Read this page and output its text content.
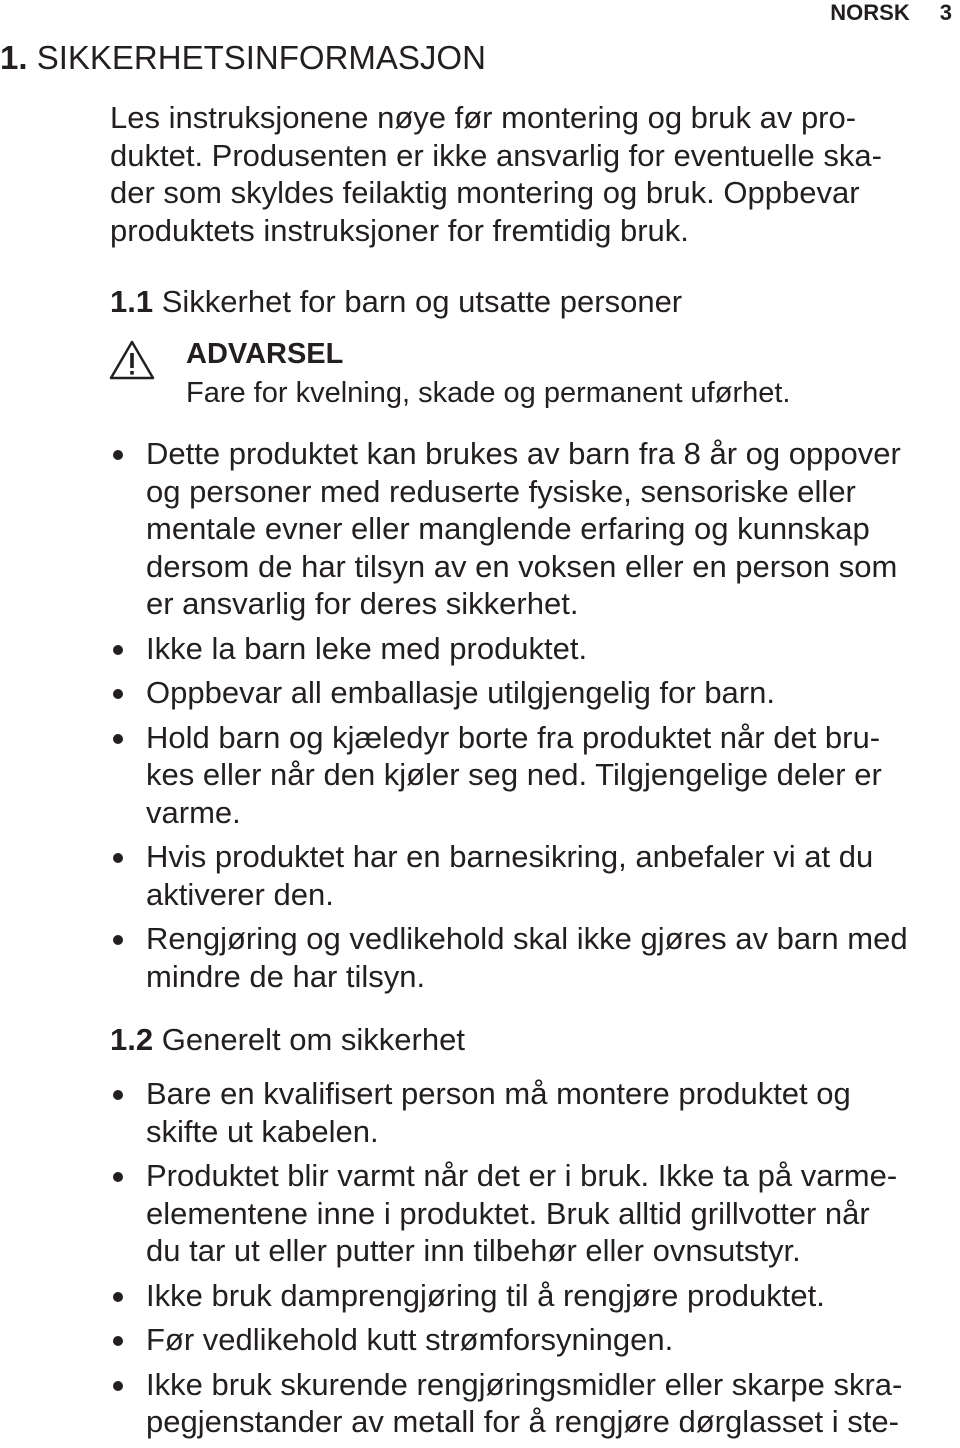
NORSK 3
1. SIKKERHETSINFORMASJON

Les instruksjonene nøye før montering og bruk av pro-

duktet. Produsenten er ikke ansvarlig for eventuelle ska-

der som skyldes feilaktig montering og bruk. Oppbevar

produktets instruksjoner for fremtidig bruk.

1.1 Sikkerhet for barn og utsatte personer
ADVARSEL
Fare for kvelning, skade og permanent uførhet.

Dette produktet kan brukes av barn fra 8 år og oppover

og personer med reduserte fysiske, sensoriske eller

mentale evner eller manglende erfaring og kunnskap

dersom de har tilsyn av en voksen eller en person som

er ansvarlig for deres sikkerhet.

Ikke la barn leke med produktet.

Oppbevar all emballasje utilgjengelig for barn.

Hold barn og kjæledyr borte fra produktet når det bru-

kes eller når den kjøler seg ned. Tilgjengelige deler er

varme.

Hvis produktet har en barnesikring, anbefaler vi at du

aktiverer den.

Rengjøring og vedlikehold skal ikke gjøres av barn med

mindre de har tilsyn.

1.2 Generelt om sikkerhet

Bare en kvalifisert person må montere produktet og

skifte ut kabelen.

Produktet blir varmt når det er i bruk. Ikke ta på varme-

elementene inne i produktet. Bruk alltid grillvotter når

du tar ut eller putter inn tilbehør eller ovnsutstyr.

Ikke bruk damprengjøring til å rengjøre produktet.

Før vedlikehold kutt strømforsyningen.

Ikke bruk skurende rengjøringsmidler eller skarpe skra-

pegjenstander av metall for å rengjøre dørglasset i ste-
